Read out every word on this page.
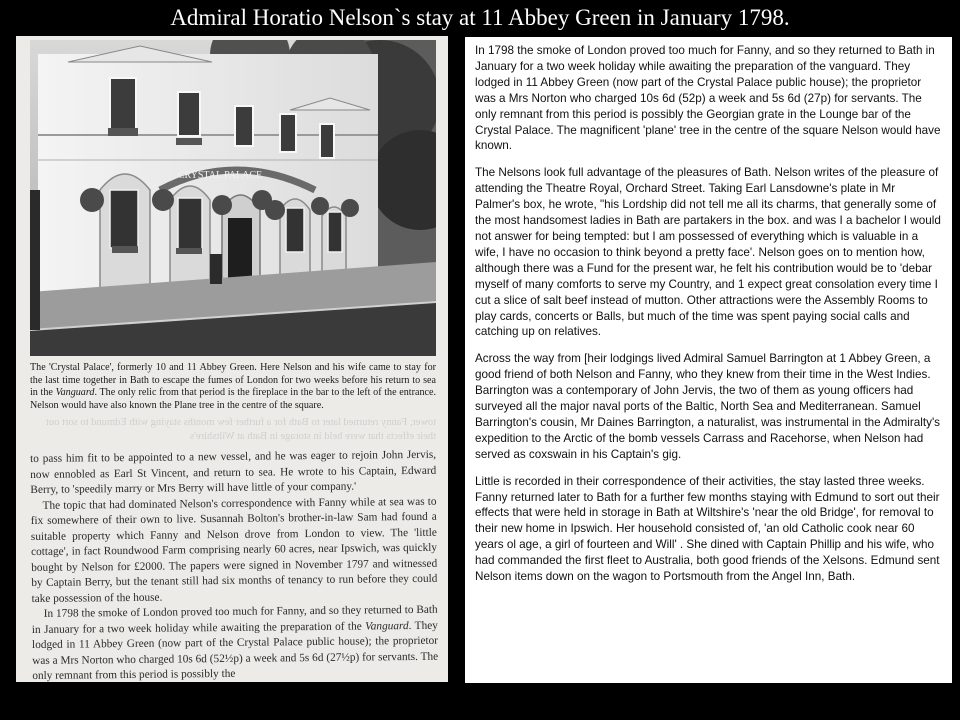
Admiral Horatio Nelson`s stay at 11 Abbey Green in January 1798.
CRYSTAL PALACE

The 'Crystal Palace', formerly 10 and 11 Abbey Green. Here Nelson and his wife came to stay for the last time together in Bath to escape the fumes of London for two weeks before his return to sea in the Vanguard. The only relic from that period is the fireplace in the bar to the left of the entrance. Nelson would have also known the Plane tree in the centre of the square.

tower, Fanny returned later to Bath for a further few months staying with Edmund to sort out their effects that were held in storage in Bath at Wiltshire's

to pass him fit to be appointed to a new vessel, and he was eager to rejoin John Jervis, now ennobled as Earl St Vincent, and return to sea. He wrote to his Captain, Edward Berry, to 'speedily marry or Mrs Berry will have little of your company.'

The topic that had dominated Nelson's correspondence with Fanny while at sea was to fix somewhere of their own to live. Susannah Bolton's brother-in-law Sam had found a suitable property which Fanny and Nelson drove from London to view. The 'little cottage', in fact Roundwood Farm comprising nearly 60 acres, near Ipswich, was quickly bought by Nelson for £2000. The papers were signed in November 1797 and witnessed by Captain Berry, but the tenant still had six months of tenancy to run before they could take possession of the house.

In 1798 the smoke of London proved too much for Fanny, and so they returned to Bath in January for a two week holiday while awaiting the preparation of the Vanguard. They lodged in 11 Abbey Green (now part of the Crystal Palace public house); the proprietor was a Mrs Norton who charged 10s 6d (52½p) a week and 5s 6d (27½p) for servants. The only remnant from this period is possibly the

In 1798 the smoke of London proved too much for Fanny, and so they returned to Bath in January for a two week holiday while awaiting the preparation of the vanguard. They lodged in 11 Abbey Green (now part of the Crystal Palace public house); the proprietor was a Mrs Norton who charged 10s 6d (52p) a week and 5s 6d (27p) for servants. The only remnant from this period is possibly the Georgian grate in the Lounge bar of the Crystal Palace. The magnificent 'plane' tree in the centre of the square Nelson would have known.

The Nelsons look full advantage of the pleasures of Bath. Nelson writes of the pleasure of attending the Theatre Royal, Orchard Street. Taking Earl Lansdowne's plate in Mr Palmer's box, he wrote, "his Lordship did not tell me all its charms, that generally some of the most handsomest ladies in Bath are partakers in the box. and was I a bachelor I would not answer for being tempted: but I am possessed of everything which is valuable in a wife, I have no occasion to think beyond a pretty face'. Nelson goes on to mention how, although there was a Fund for the present war, he felt his contribution would be to 'debar myself of many comforts to serve my Country, and 1 expect great consolation every time I cut a slice of salt beef instead of mutton. Other attractions were the Assembly Rooms to play cards, concerts or Balls, but much of the time was spent paying social calls and catching up on relatives.

Across the way from [heir lodgings lived Admiral Samuel Barrington at 1 Abbey Green, a good friend of both Nelson and Fanny, who they knew from their time in the West Indies. Barrington was a contemporary of John Jervis, the two of them as young officers had surveyed all the major naval ports of the Baltic, North Sea and Mediterranean. Samuel Barrington's cousin, Mr Daines Barrington, a naturalist, was instrumental in the Admiralty's expedition to the Arctic of the bomb vessels Carrass and Racehorse, when Nelson had served as coxswain in his Captain's gig.

Little is recorded in their correspondence of their activities, the stay lasted three weeks. Fanny returned later to Bath for a further few months staying with Edmund to sort out their effects that were held in storage in Bath at Wiltshire's 'near the old Bridge', for removal to their new home in Ipswich. Her household consisted of, 'an old Catholic cook near 60 years ol age, a girl of fourteen and Will' . She dined with Captain Phillip and his wife, who had commanded the first fleet to Australia, both good friends of the Xelsons. Edmund sent Nelson items down on the wagon to Portsmouth from the Angel Inn, Bath.
